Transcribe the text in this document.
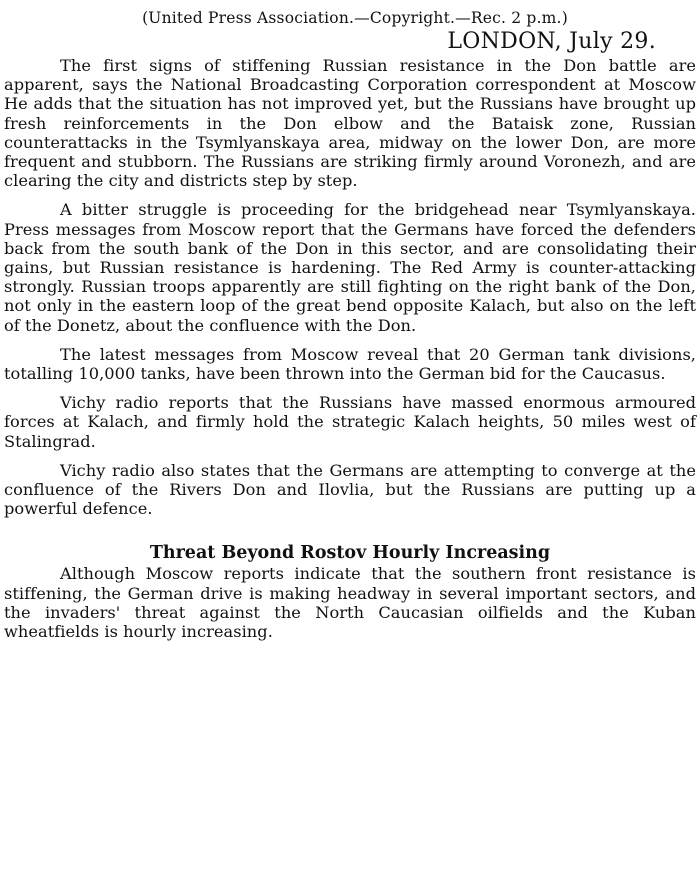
(United Press Association.—Copyright.—Rec. 2 p.m.)
LONDON, July 29.

The first signs of stiffening Russian resistance in the Don battle are apparent, says the National Broadcasting Corporation correspondent at Moscow He adds that the situation has not improved yet, but the Russians have brought up fresh reinforcements in the Don elbow and the Bataisk zone, Russian counterattacks in the Tsymlyanskaya area, midway on the lower Don, are more frequent and stubborn. The Russians are striking firmly around Voronezh, and are clearing the city and districts step by step.

A bitter struggle is proceeding for the bridgehead near Tsymlyanskaya. Press messages from Moscow report that the Germans have forced the defenders back from the south bank of the Don in this sector, and are consolidating their gains, but Russian resistance is hardening. The Red Army is counter-attacking strongly. Russian troops apparently are still fighting on the right bank of the Don, not only in the eastern loop of the great bend opposite Kalach, but also on the left of the Donetz, about the confluence with the Don.

The latest messages from Moscow reveal that 20 German tank divisions, totalling 10,000 tanks, have been thrown into the German bid for the Caucasus.

Vichy radio reports that the Russians have massed enormous armoured forces at Kalach, and firmly hold the strategic Kalach heights, 50 miles west of Stalingrad.

Vichy radio also states that the Germans are attempting to converge at the confluence of the Rivers Don and Ilovlia, but the Russians are putting up a powerful defence.

Threat Beyond Rostov Hourly Increasing

Although Moscow reports indicate that the southern front resistance is stiffening, the German drive is making headway in several important sectors, and the invaders' threat against the North Caucasian oilfields and the Kuban wheatfields is hourly increasing.
